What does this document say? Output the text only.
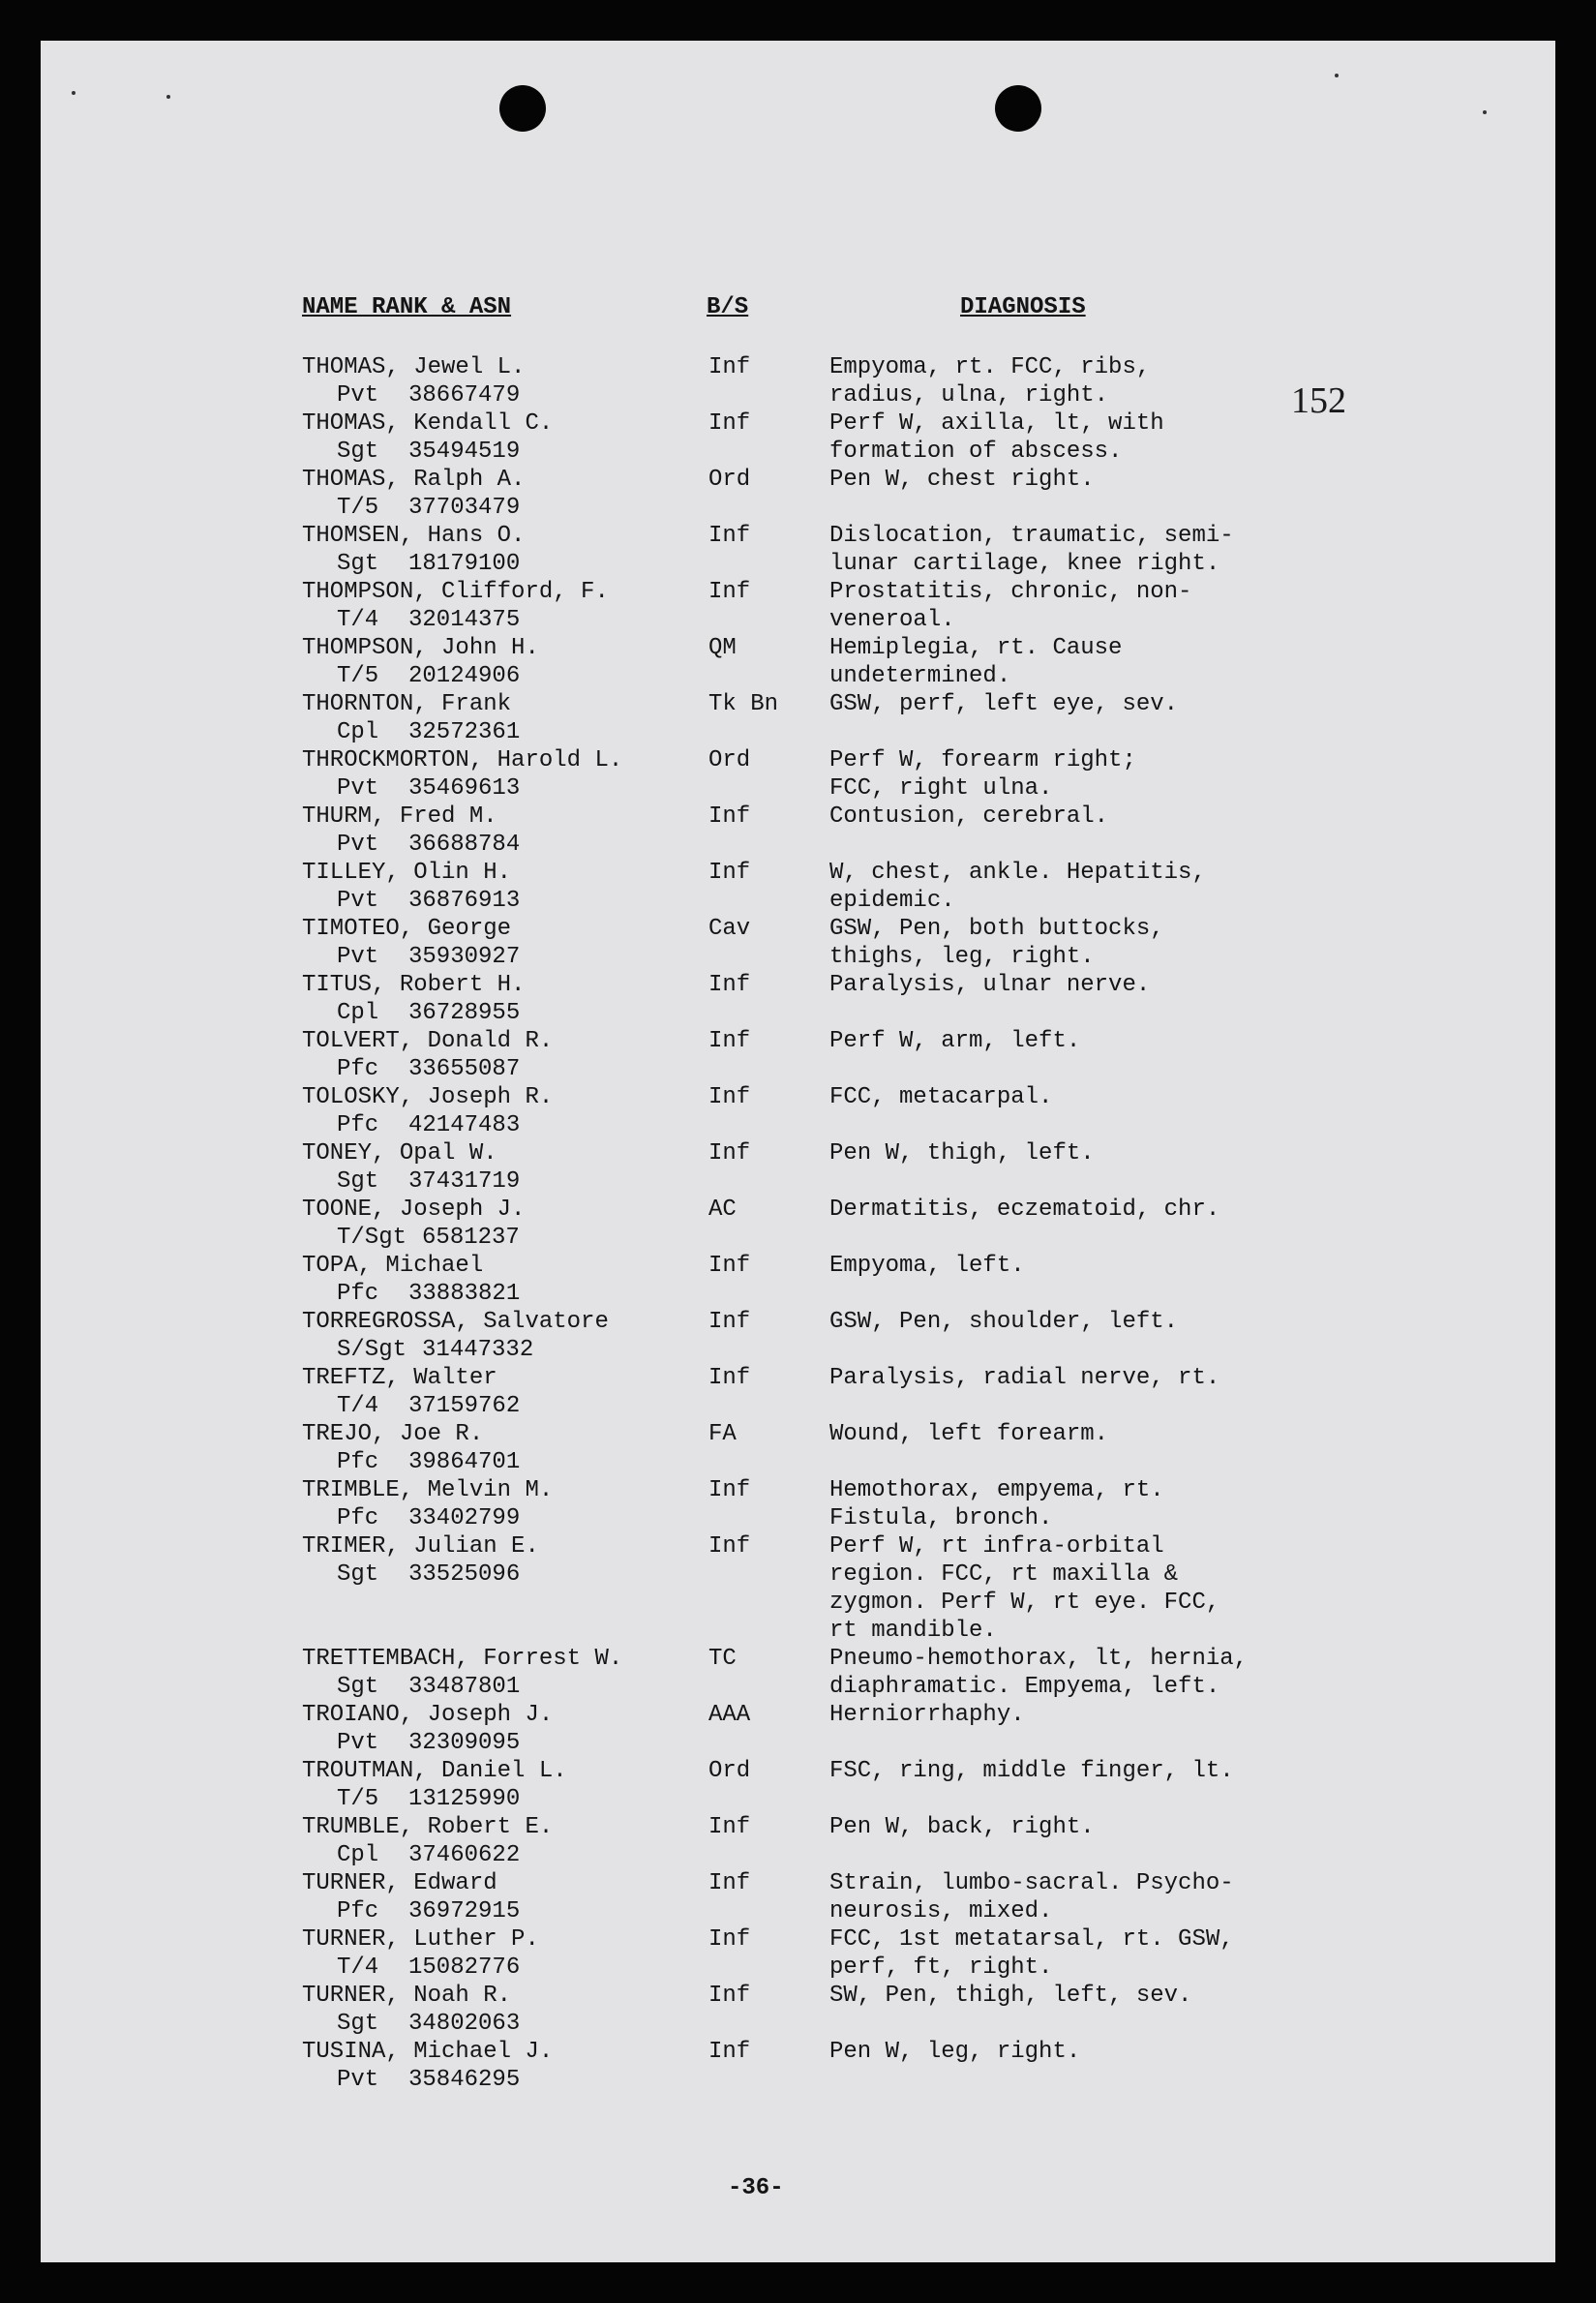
NAME RANK & ASN	B/S	DIAGNOSIS
152
THOMAS, Jewel L.
Pvt 38667479
Inf	Empyoma, rt. FCC, ribs,
radius, ulna, right.
THOMAS, Kendall C.
Sgt 35494519
Inf	Perf W, axilla, lt, with
formation of abscess.
THOMAS, Ralph A.
T/5 37703479
Ord	Pen W, chest right.
THOMSEN, Hans O.
Sgt 18179100
Inf	Dislocation, traumatic, semi-
lunar cartilage, knee right.
THOMPSON, Clifford, F.
T/4 32014375
Inf	Prostatitis, chronic, non-
veneroal.
THOMPSON, John H.
T/5 20124906
QM	Hemiplegia, rt. Cause
undetermined.
THORNTON, Frank
Cpl 32572361
Tk Bn	GSW, perf, left eye, sev.
THROCKMORTON, Harold L.
Pvt 35469613
Ord	Perf W, forearm right;
FCC, right ulna.
THURM, Fred M.
Pvt 36688784
Inf	Contusion, cerebral.
TILLEY, Olin H.
Pvt 36876913
Inf	W, chest, ankle. Hepatitis,
epidemic.
TIMOTEO, George
Pvt 35930927
Cav	GSW, Pen, both buttocks,
thighs, leg, right.
TITUS, Robert H.
Cpl 36728955
Inf	Paralysis, ulnar nerve.
TOLVERT, Donald R.
Pfc 33655087
Inf	Perf W, arm, left.
TOLOSKY, Joseph R.
Pfc 42147483
Inf	FCC, metacarpal.
TONEY, Opal W.
Sgt 37431719
Inf	Pen W, thigh, left.
TOONE, Joseph J.
T/Sgt 6581237
AC	Dermatitis, eczematoid, chr.
TOPA, Michael
Pfc 33883821
Inf	Empyoma, left.
TORREGROSSA, Salvatore
S/Sgt 31447332
Inf	GSW, Pen, shoulder, left.
TREFTZ, Walter
T/4 37159762
Inf	Paralysis, radial nerve, rt.
TREJO, Joe R.
Pfc 39864701
FA	Wound, left forearm.
TRIMBLE, Melvin M.
Pfc 33402799
Inf	Hemothorax, empyema, rt.
Fistula, bronch.
TRIMER, Julian E.
Sgt 33525096
Inf	Perf W, rt infra-orbital
region. FCC, rt maxilla &
zygmon. Perf W, rt eye. FCC,
rt mandible.
TRETTEMBACH, Forrest W.
Sgt 33487801
TC	Pneumo-hemothorax, lt, hernia,
diaphramatic. Empyema, left.
TROIANO, Joseph J.
Pvt 32309095
AAA	Herniorrhaphy.
TROUTMAN, Daniel L.
T/5 13125990
Ord	FSC, ring, middle finger, lt.
TRUMBLE, Robert E.
Cpl 37460622
Inf	Pen W, back, right.
TURNER, Edward
Pfc 36972915
Inf	Strain, lumbo-sacral. Psycho-
neurosis, mixed.
TURNER, Luther P.
T/4 15082776
Inf	FCC, 1st metatarsal, rt. GSW,
perf, ft, right.
TURNER, Noah R.
Sgt 34802063
Inf	SW, Pen, thigh, left, sev.
TUSINA, Michael J.
Pvt 35846295
Inf	Pen W, leg, right.
-36-
